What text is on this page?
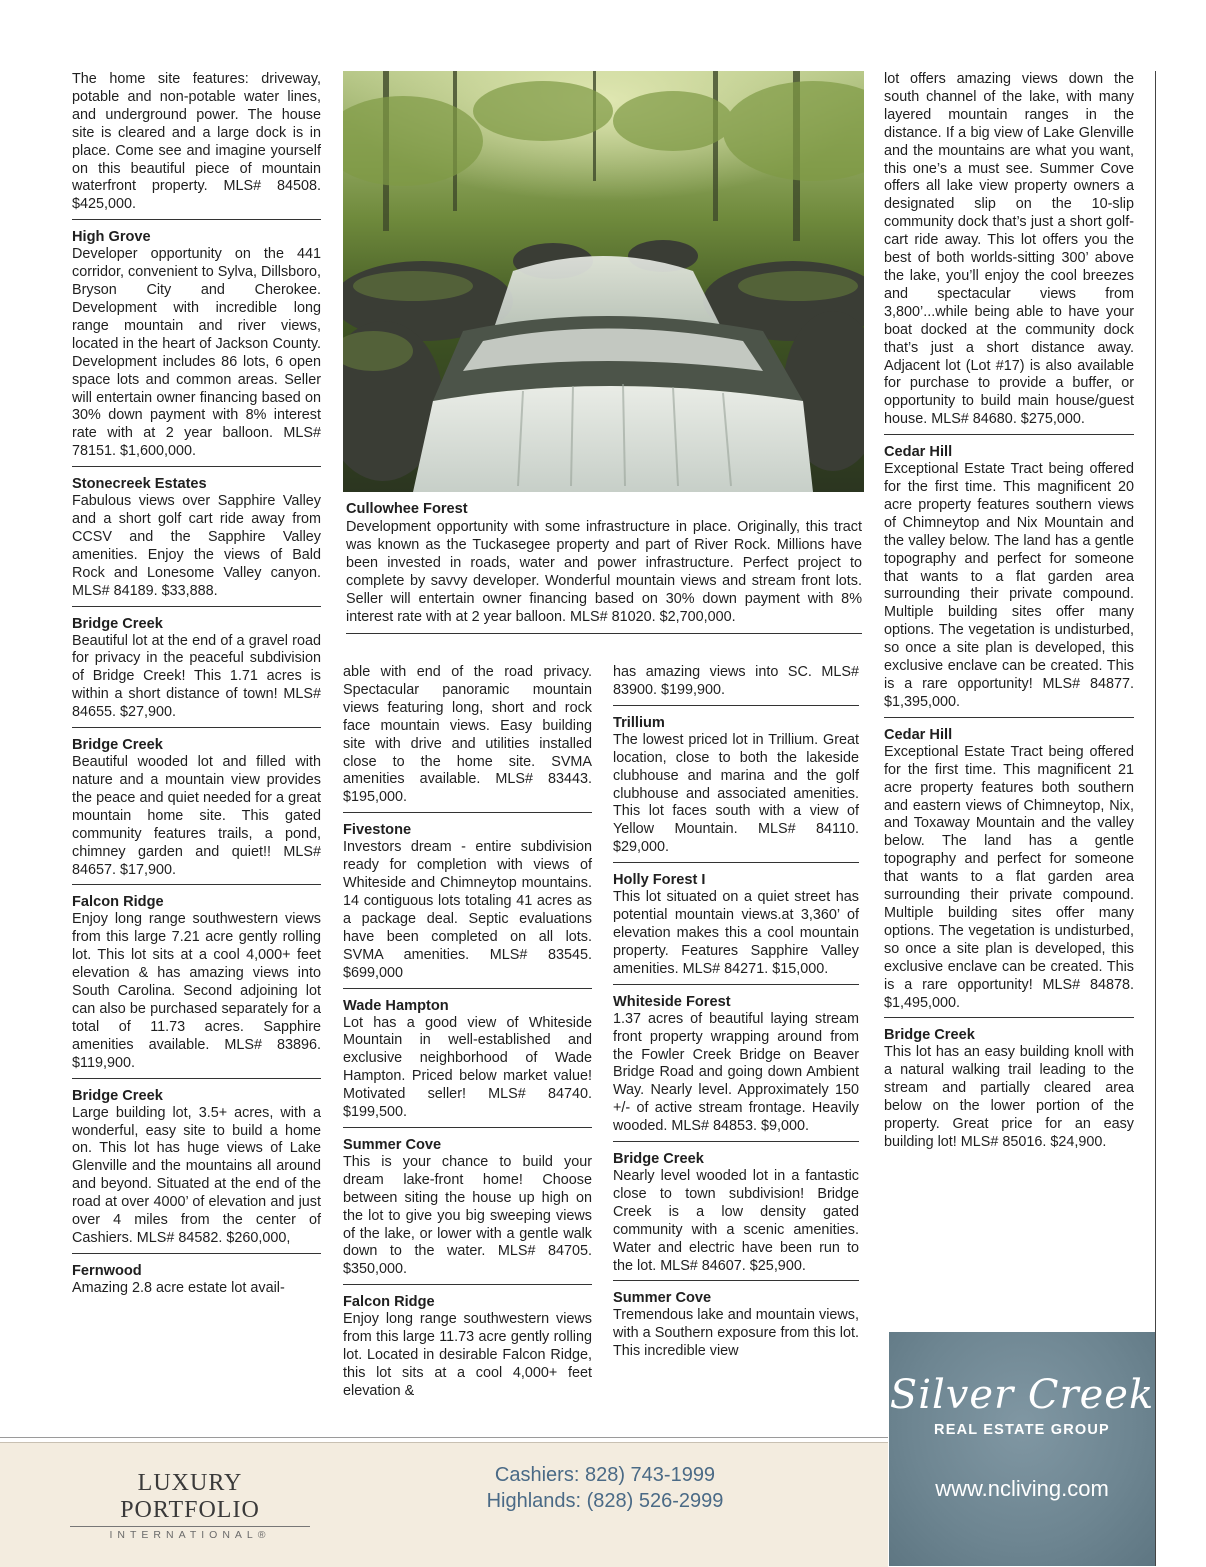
The home site features: driveway, potable and non-potable water lines, and underground power. The house site is cleared and a large dock is in place. Come see and imagine yourself on this beautiful piece of mountain waterfront property. MLS# 84508. $425,000.

High Grove

Developer opportunity on the 441 corridor, convenient to Sylva, Dillsboro, Bryson City and Cherokee. Development with incredible long range mountain and river views, located in the heart of Jackson County. Development includes 86 lots, 6 open space lots and common areas. Seller will entertain owner financing based on 30% down payment with 8% interest rate with at 2 year balloon. MLS# 78151. $1,600,000.

Stonecreek Estates

Fabulous views over Sapphire Valley and a short golf cart ride away from CCSV and the Sapphire Valley amenities. Enjoy the views of Bald Rock and Lonesome Valley canyon. MLS# 84189. $33,888.

Bridge Creek

Beautiful lot at the end of a gravel road for privacy in the peaceful subdivision of Bridge Creek! This 1.71 acres is within a short distance of town! MLS# 84655. $27,900.

Bridge Creek

Beautiful wooded lot and filled with nature and a mountain view provides the peace and quiet needed for a great mountain home site. This gated community features trails, a pond, chimney garden and quiet!! MLS# 84657. $17,900.

Falcon Ridge

Enjoy long range southwestern views from this large 7.21 acre gently rolling lot. This lot sits at a cool 4,000+ feet elevation & has amazing views into South Carolina. Second adjoining lot can also be purchased separately for a total of 11.73 acres. Sapphire amenities available. MLS# 83896. $119,900.

Bridge Creek

Large building lot, 3.5+ acres, with a wonderful, easy site to build a home on. This lot has huge views of Lake Glenville and the mountains all around and beyond. Situated at the end of the road at over 4000’ of elevation and just over 4 miles from the center of Cashiers. MLS# 84582. $260,000,

Fernwood

Amazing 2.8 acre estate lot avail-

Cullowhee Forest

Development opportunity with some infrastructure in place. Originally, this tract was known as the Tuckasegee property and part of River Rock. Millions have been invested in roads, water and power infrastructure. Perfect project to complete by savvy developer. Wonderful mountain views and stream front lots. Seller will entertain owner financing based on 30% down payment with 8% interest rate with at 2 year balloon. MLS# 81020. $2,700,000.

able with end of the road privacy. Spectacular panoramic mountain views featuring long, short and rock face mountain views. Easy building site with drive and utilities installed close to the home site. SVMA amenities available. MLS# 83443. $195,000.

Fivestone

Investors dream - entire subdivision ready for completion with views of Whiteside and Chimneytop mountains. 14 contiguous lots totaling 41 acres as a package deal. Septic evaluations have been completed on all lots. SVMA amenities. MLS# 83545. $699,000

Wade Hampton

Lot has a good view of Whiteside Mountain in well-established and exclusive neighborhood of Wade Hampton. Priced below market value! Motivated seller! MLS# 84740. $199,500.

Summer Cove

This is your chance to build your dream lake-front home! Choose between siting the house up high on the lot to give you big sweeping views of the lake, or lower with a gentle walk down to the water. MLS# 84705. $350,000.

Falcon Ridge

Enjoy long range southwestern views from this large 11.73 acre gently rolling lot. Located in desirable Falcon Ridge, this lot sits at a cool 4,000+ feet elevation &

has amazing views into SC. MLS# 83900. $199,900.

Trillium

The lowest priced lot in Trillium. Great location, close to both the lakeside clubhouse and marina and the golf clubhouse and associated amenities. This lot faces south with a view of Yellow Mountain. MLS# 84110. $29,000.

Holly Forest I

This lot situated on a quiet street has potential mountain views.at 3,360’ of elevation makes this a cool mountain property. Features Sapphire Valley amenities. MLS# 84271. $15,000.

Whiteside Forest

1.37 acres of beautiful laying stream front property wrapping around from the Fowler Creek Bridge on Beaver Bridge Road and going down Ambient Way. Nearly level. Approximately 150 +/- of active stream frontage. Heavily wooded. MLS# 84853. $9,000.

Bridge Creek

Nearly level wooded lot in a fantastic close to town subdivision! Bridge Creek is a low density gated community with a scenic amenities. Water and electric have been run to the lot. MLS# 84607. $25,900.

Summer Cove

Tremendous lake and mountain views, with a Southern exposure from this lot. This incredible view

lot offers amazing views down the south channel of the lake, with many layered mountain ranges in the distance. If a big view of Lake Glenville and the mountains are what you want, this one’s a must see. Summer Cove offers all lake view property owners a designated slip on the 10-slip community dock that’s just a short golf-cart ride away. This lot offers you the best of both worlds-sitting 300’ above the lake, you’ll enjoy the cool breezes and spectacular views from 3,800’...while being able to have your boat docked at the community dock that’s just a short distance away. Adjacent lot (Lot #17) is also available for purchase to provide a buffer, or opportunity to build main house/guest house. MLS# 84680. $275,000.

Cedar Hill

Exceptional Estate Tract being offered for the first time. This magnificent 20 acre property features southern views of Chimneytop and Nix Mountain and the valley below. The land has a gentle topography and perfect for someone that wants to a flat garden area surrounding their private compound. Multiple building sites offer many options. The vegetation is undisturbed, so once a site plan is developed, this exclusive enclave can be created. This is a rare opportunity! MLS# 84877. $1,395,000.

Cedar Hill

Exceptional Estate Tract being offered for the first time. This magnificent 21 acre property features both southern and eastern views of Chimneytop, Nix, and Toxaway Mountain and the valley below. The land has a gentle topography and perfect for someone that wants to a flat garden area surrounding their private compound. Multiple building sites offer many options. The vegetation is undisturbed, so once a site plan is developed, this exclusive enclave can be created. This is a rare opportunity! MLS# 84878. $1,495,000.

Bridge Creek

This lot has an easy building knoll with a natural walking trail leading to the stream and partially cleared area below on the lower portion of the property. Great price for an easy building lot! MLS# 85016. $24,900.

LUXURY PORTFOLIO
INTERNATIONAL®
Cashiers: 828) 743-1999
Highlands: (828) 526-2999
Silver Creek
REAL ESTATE GROUP
www.ncliving.com
